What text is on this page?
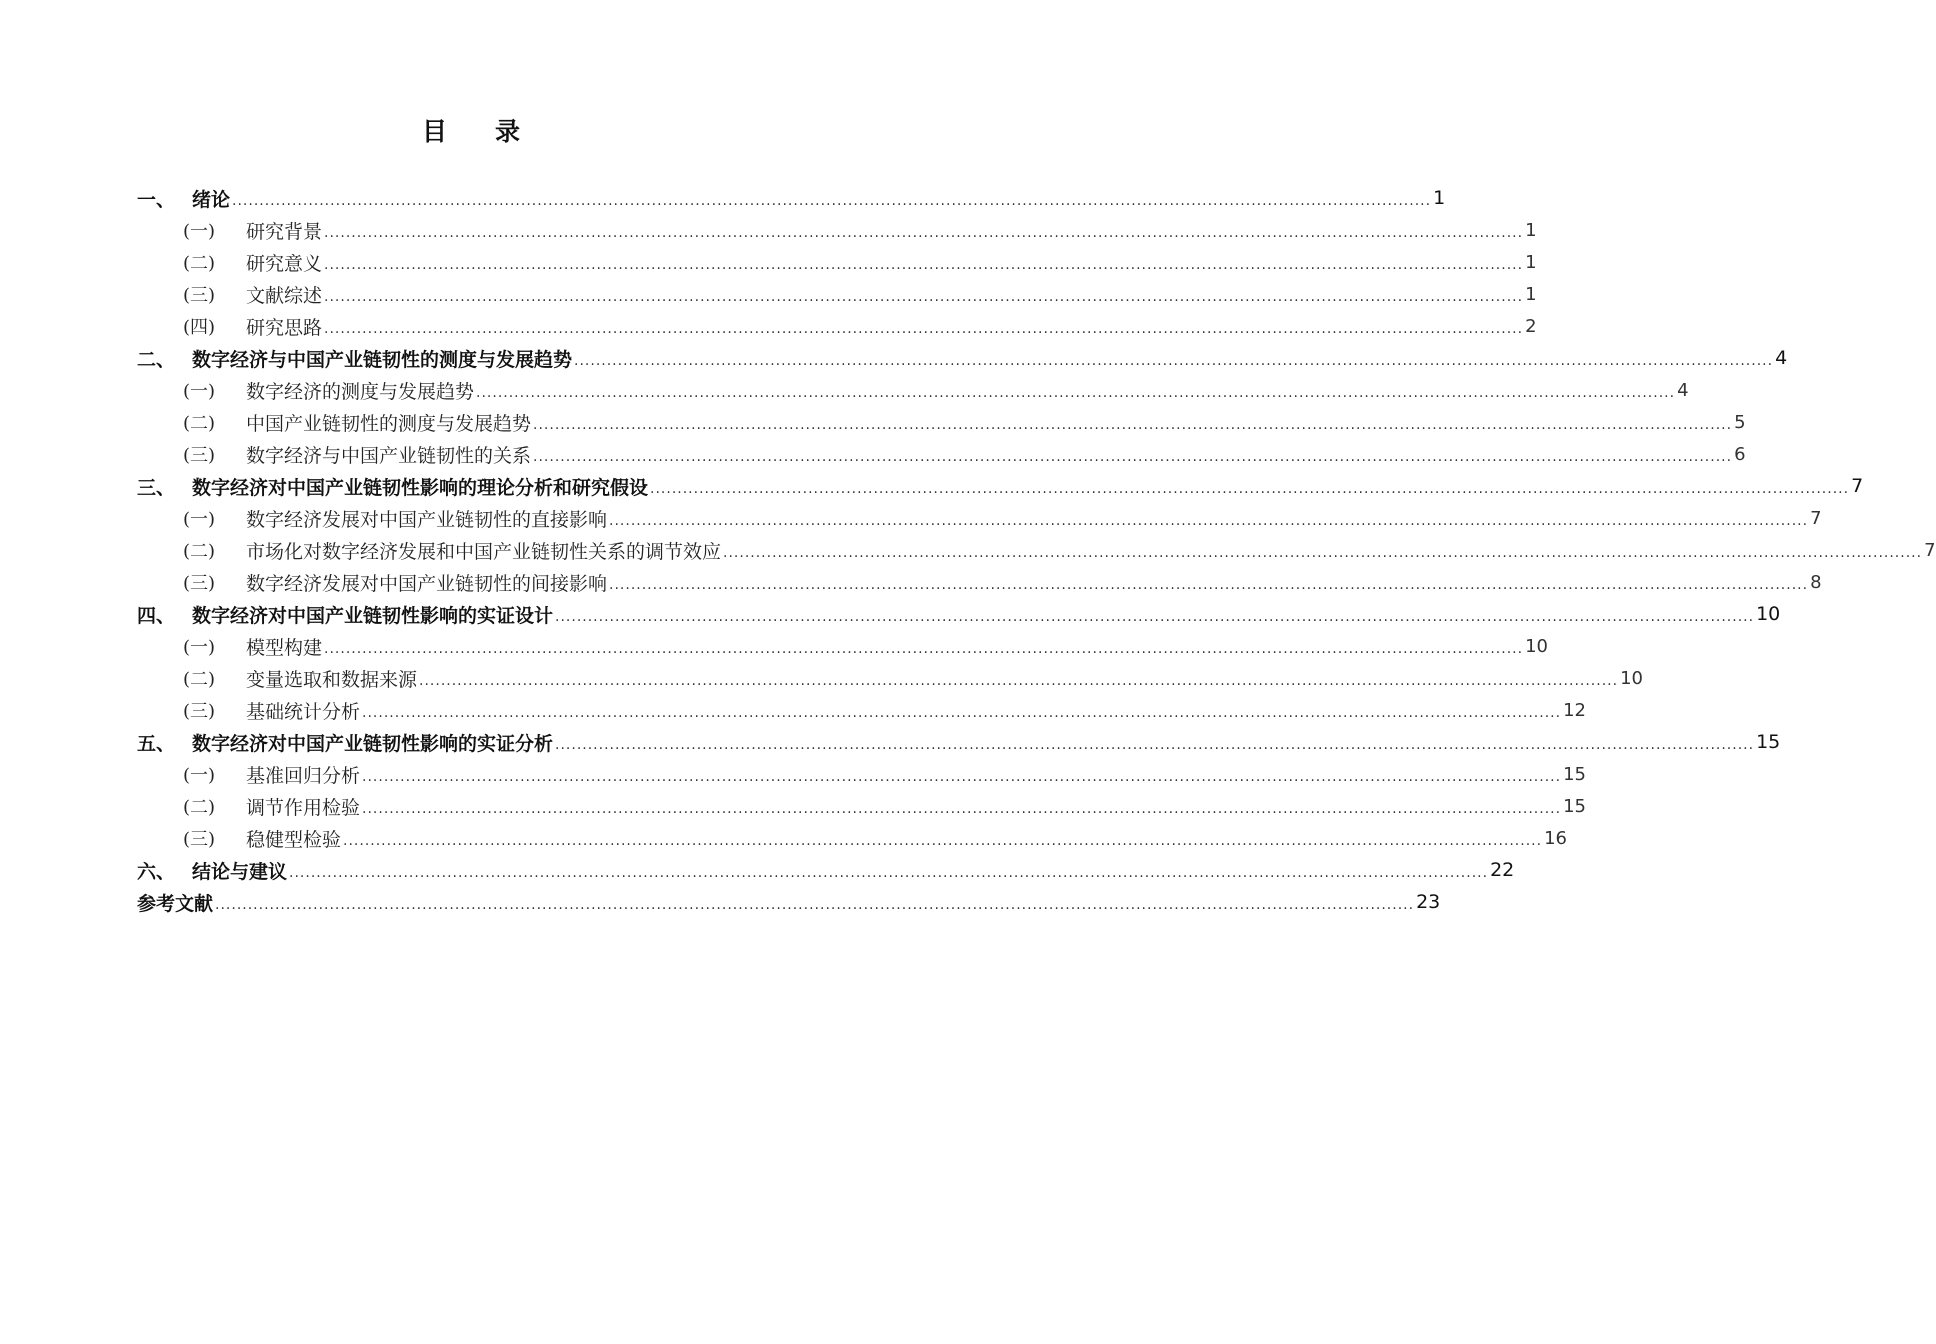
目录
一、 绪论 ............................................................................................................................................................................................................................ 1
(一)	研究背景 ............................................................................................................................................................................................................................ 1
(二)	研究意义 ............................................................................................................................................................................................................................ 1
(三)	文献综述 ............................................................................................................................................................................................................................ 1
(四)	研究思路 ............................................................................................................................................................................................................................ 2
二、 数字经济与中国产业链韧性的测度与发展趋势 ............................................................................................................................................................................................................................ 4
(一)	数字经济的测度与发展趋势 ............................................................................................................................................................................................................................ 4
(二)	中国产业链韧性的测度与发展趋势 ............................................................................................................................................................................................................................ 5
(三)	数字经济与中国产业链韧性的关系 ............................................................................................................................................................................................................................ 6
三、 数字经济对中国产业链韧性影响的理论分析和研究假设 ............................................................................................................................................................................................................................ 7
(一)	数字经济发展对中国产业链韧性的直接影响 ............................................................................................................................................................................................................................ 7
(二)	市场化对数字经济发展和中国产业链韧性关系的调节效应 ............................................................................................................................................................................................................................ 7
(三)	数字经济发展对中国产业链韧性的间接影响 ............................................................................................................................................................................................................................ 8
四、 数字经济对中国产业链韧性影响的实证设计 ............................................................................................................................................................................................................................ 10
(一)	模型构建 ............................................................................................................................................................................................................................ 10
(二)	变量选取和数据来源 ............................................................................................................................................................................................................................ 10
(三)	基础统计分析 ............................................................................................................................................................................................................................ 12
五、 数字经济对中国产业链韧性影响的实证分析 ............................................................................................................................................................................................................................ 15
(一)	基准回归分析 ............................................................................................................................................................................................................................ 15
(二)	调节作用检验 ............................................................................................................................................................................................................................ 15
(三)	稳健型检验 ............................................................................................................................................................................................................................ 16
六、 结论与建议 ............................................................................................................................................................................................................................ 22
参考文献 ............................................................................................................................................................................................................................ 23
